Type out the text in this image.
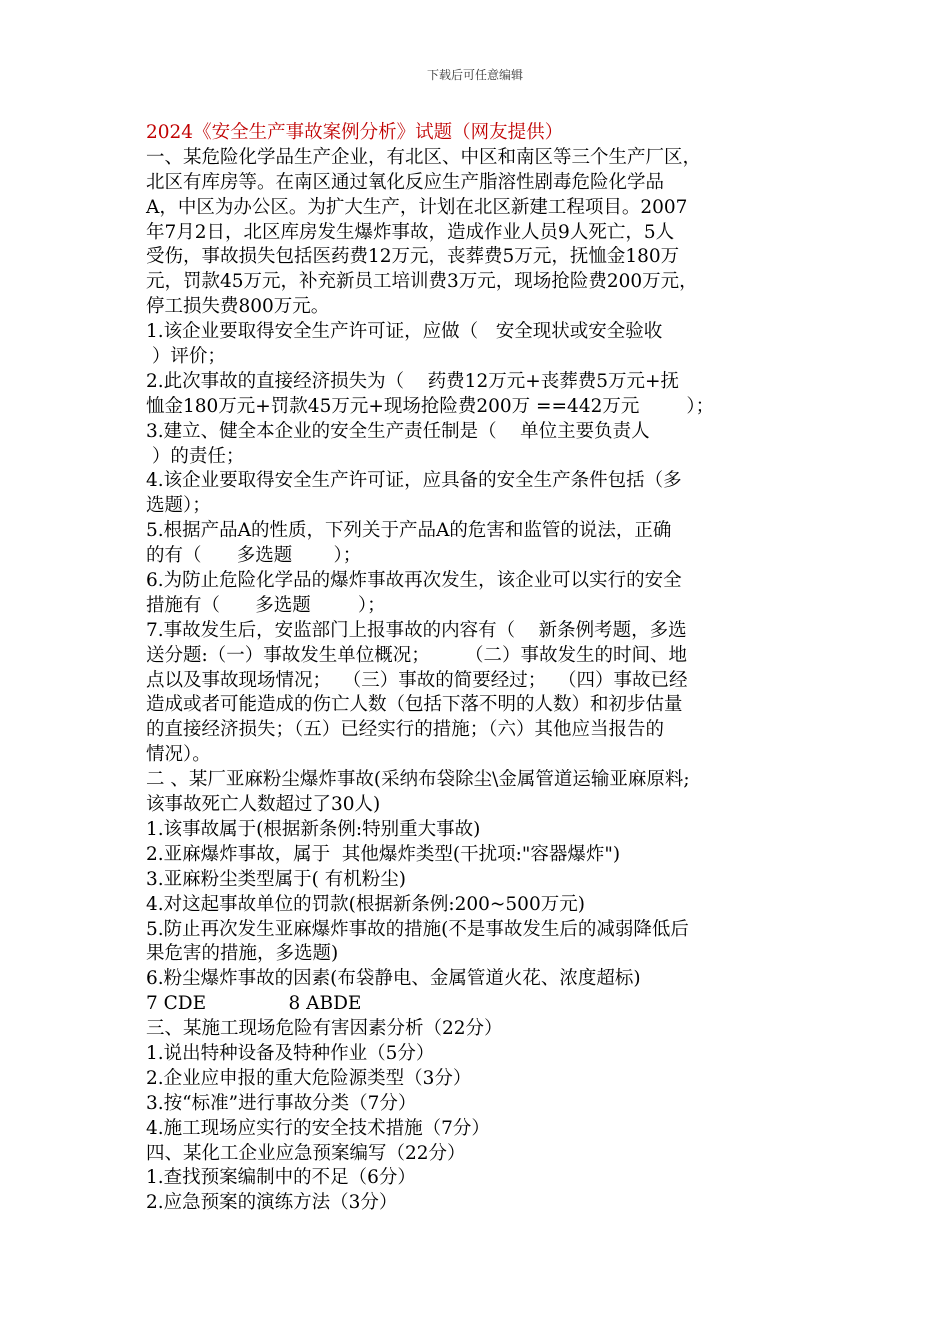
下载后可任意编辑
2024《安全生产事故案例分析》试题（网友提供）
一、某危险化学品生产企业，有北区、中区和南区等三个生产厂区，
北区有库房等。在南区通过氧化反应生产脂溶性剧毒危险化学品
A，中区为办公区。为扩大生产，计划在北区新建工程项目。2007
年7月2日，北区库房发生爆炸事故，造成作业人员9人死亡，5人
受伤，事故损失包括医药费12万元，丧葬费5万元，抚恤金180万
元，罚款45万元，补充新员工培训费3万元，现场抢险费200万元，
停工损失费800万元。
1.该企业要取得安全生产许可证，应做（   安全现状或安全验收
）评价；
2.此次事故的直接经济损失为（    药费12万元+丧葬费5万元+抚
恤金180万元+罚款45万元+现场抢险费200万 ==442万元        ）；
3.建立、健全本企业的安全生产责任制是（    单位主要负责人
）的责任；
4.该企业要取得安全生产许可证，应具备的安全生产条件包括（多
选题）；
5.根据产品A的性质，下列关于产品A的危害和监管的说法，正确
的有（      多选题       ）；
6.为防止危险化学品的爆炸事故再次发生，该企业可以实行的安全
措施有（      多选题        ）；
7.事故发生后，安监部门上报事故的内容有（    新条例考题，多选
送分题:（一）事故发生单位概况；      （二）事故发生的时间、地
点以及事故现场情况；  （三）事故的简要经过；  （四）事故已经
造成或者可能造成的伤亡人数（包括下落不明的人数）和初步估量
的直接经济损失；（五）已经实行的措施；（六）其他应当报告的
情况）。
二 、某厂亚麻粉尘爆炸事故(采纳布袋除尘\金属管道运输亚麻原料;
该事故死亡人数超过了30人)
1.该事故属于(根据新条例:特别重大事故)
2.亚麻爆炸事故，属于  其他爆炸类型(干扰项:"容器爆炸")
3.亚麻粉尘类型属于( 有机粉尘)
4.对这起事故单位的罚款(根据新条例:200~500万元)
5.防止再次发生亚麻爆炸事故的措施(不是事故发生后的减弱降低后
果危害的措施，多选题)
6.粉尘爆炸事故的因素(布袋静电、金属管道火花、浓度超标)
7 CDE              8 ABDE
三、某施工现场危险有害因素分析（22分）
1.说出特种设备及特种作业（5分）
2.企业应申报的重大危险源类型（3分）
3.按“标准”进行事故分类（7分）
4.施工现场应实行的安全技术措施（7分）
四、某化工企业应急预案编写（22分）
1.查找预案编制中的不足（6分）
2.应急预案的演练方法（3分）
